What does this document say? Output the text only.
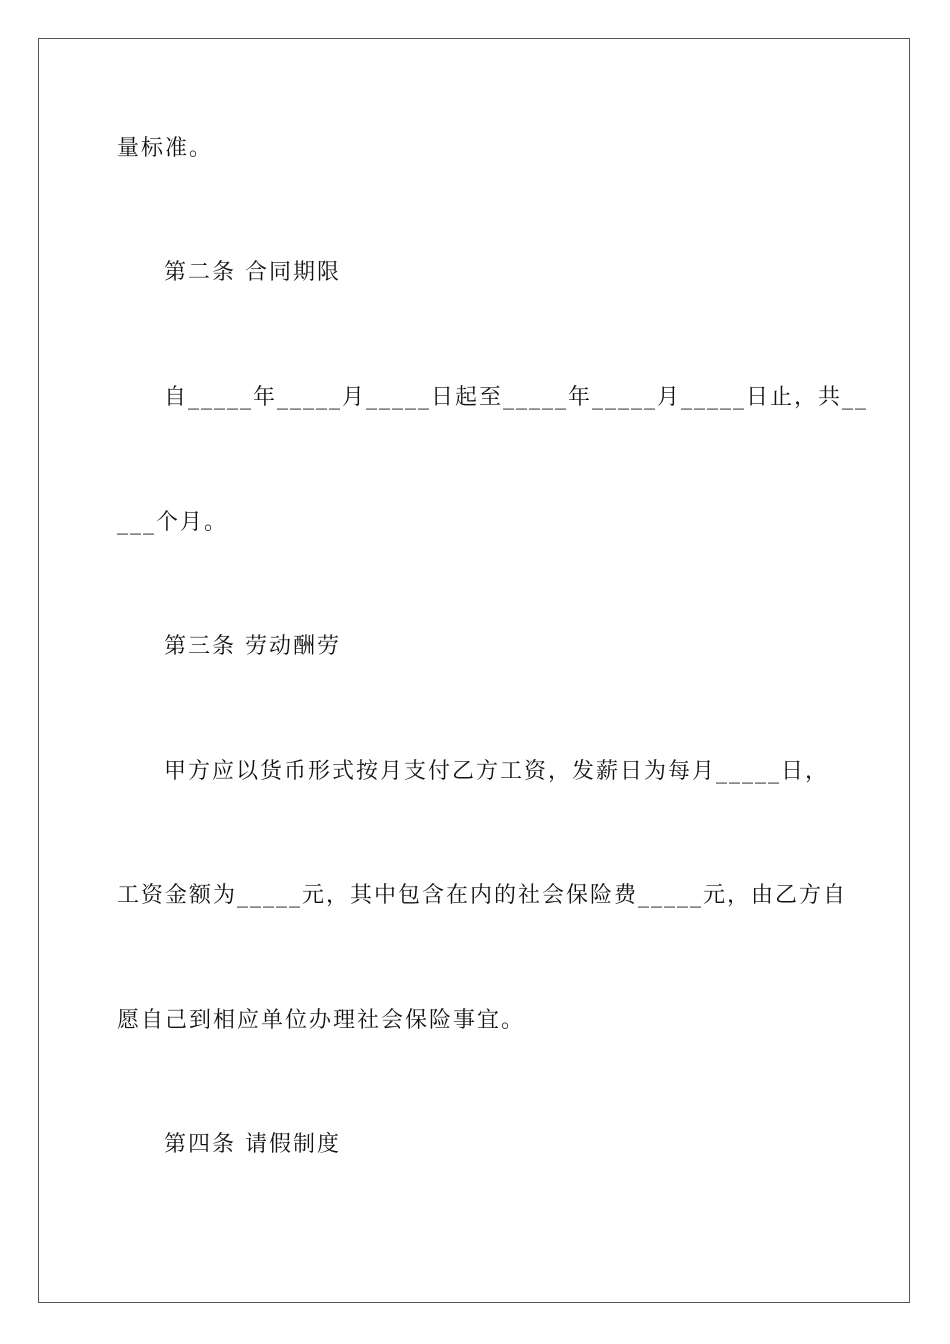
量标准。
第二条 合同期限
自_____年_____月_____日起至_____年_____月_____日止，共__
___个月。
第三条 劳动酬劳
甲方应以货币形式按月支付乙方工资，发薪日为每月_____日，
工资金额为_____元，其中包含在内的社会保险费_____元，由乙方自
愿自己到相应单位办理社会保险事宜。
第四条 请假制度
